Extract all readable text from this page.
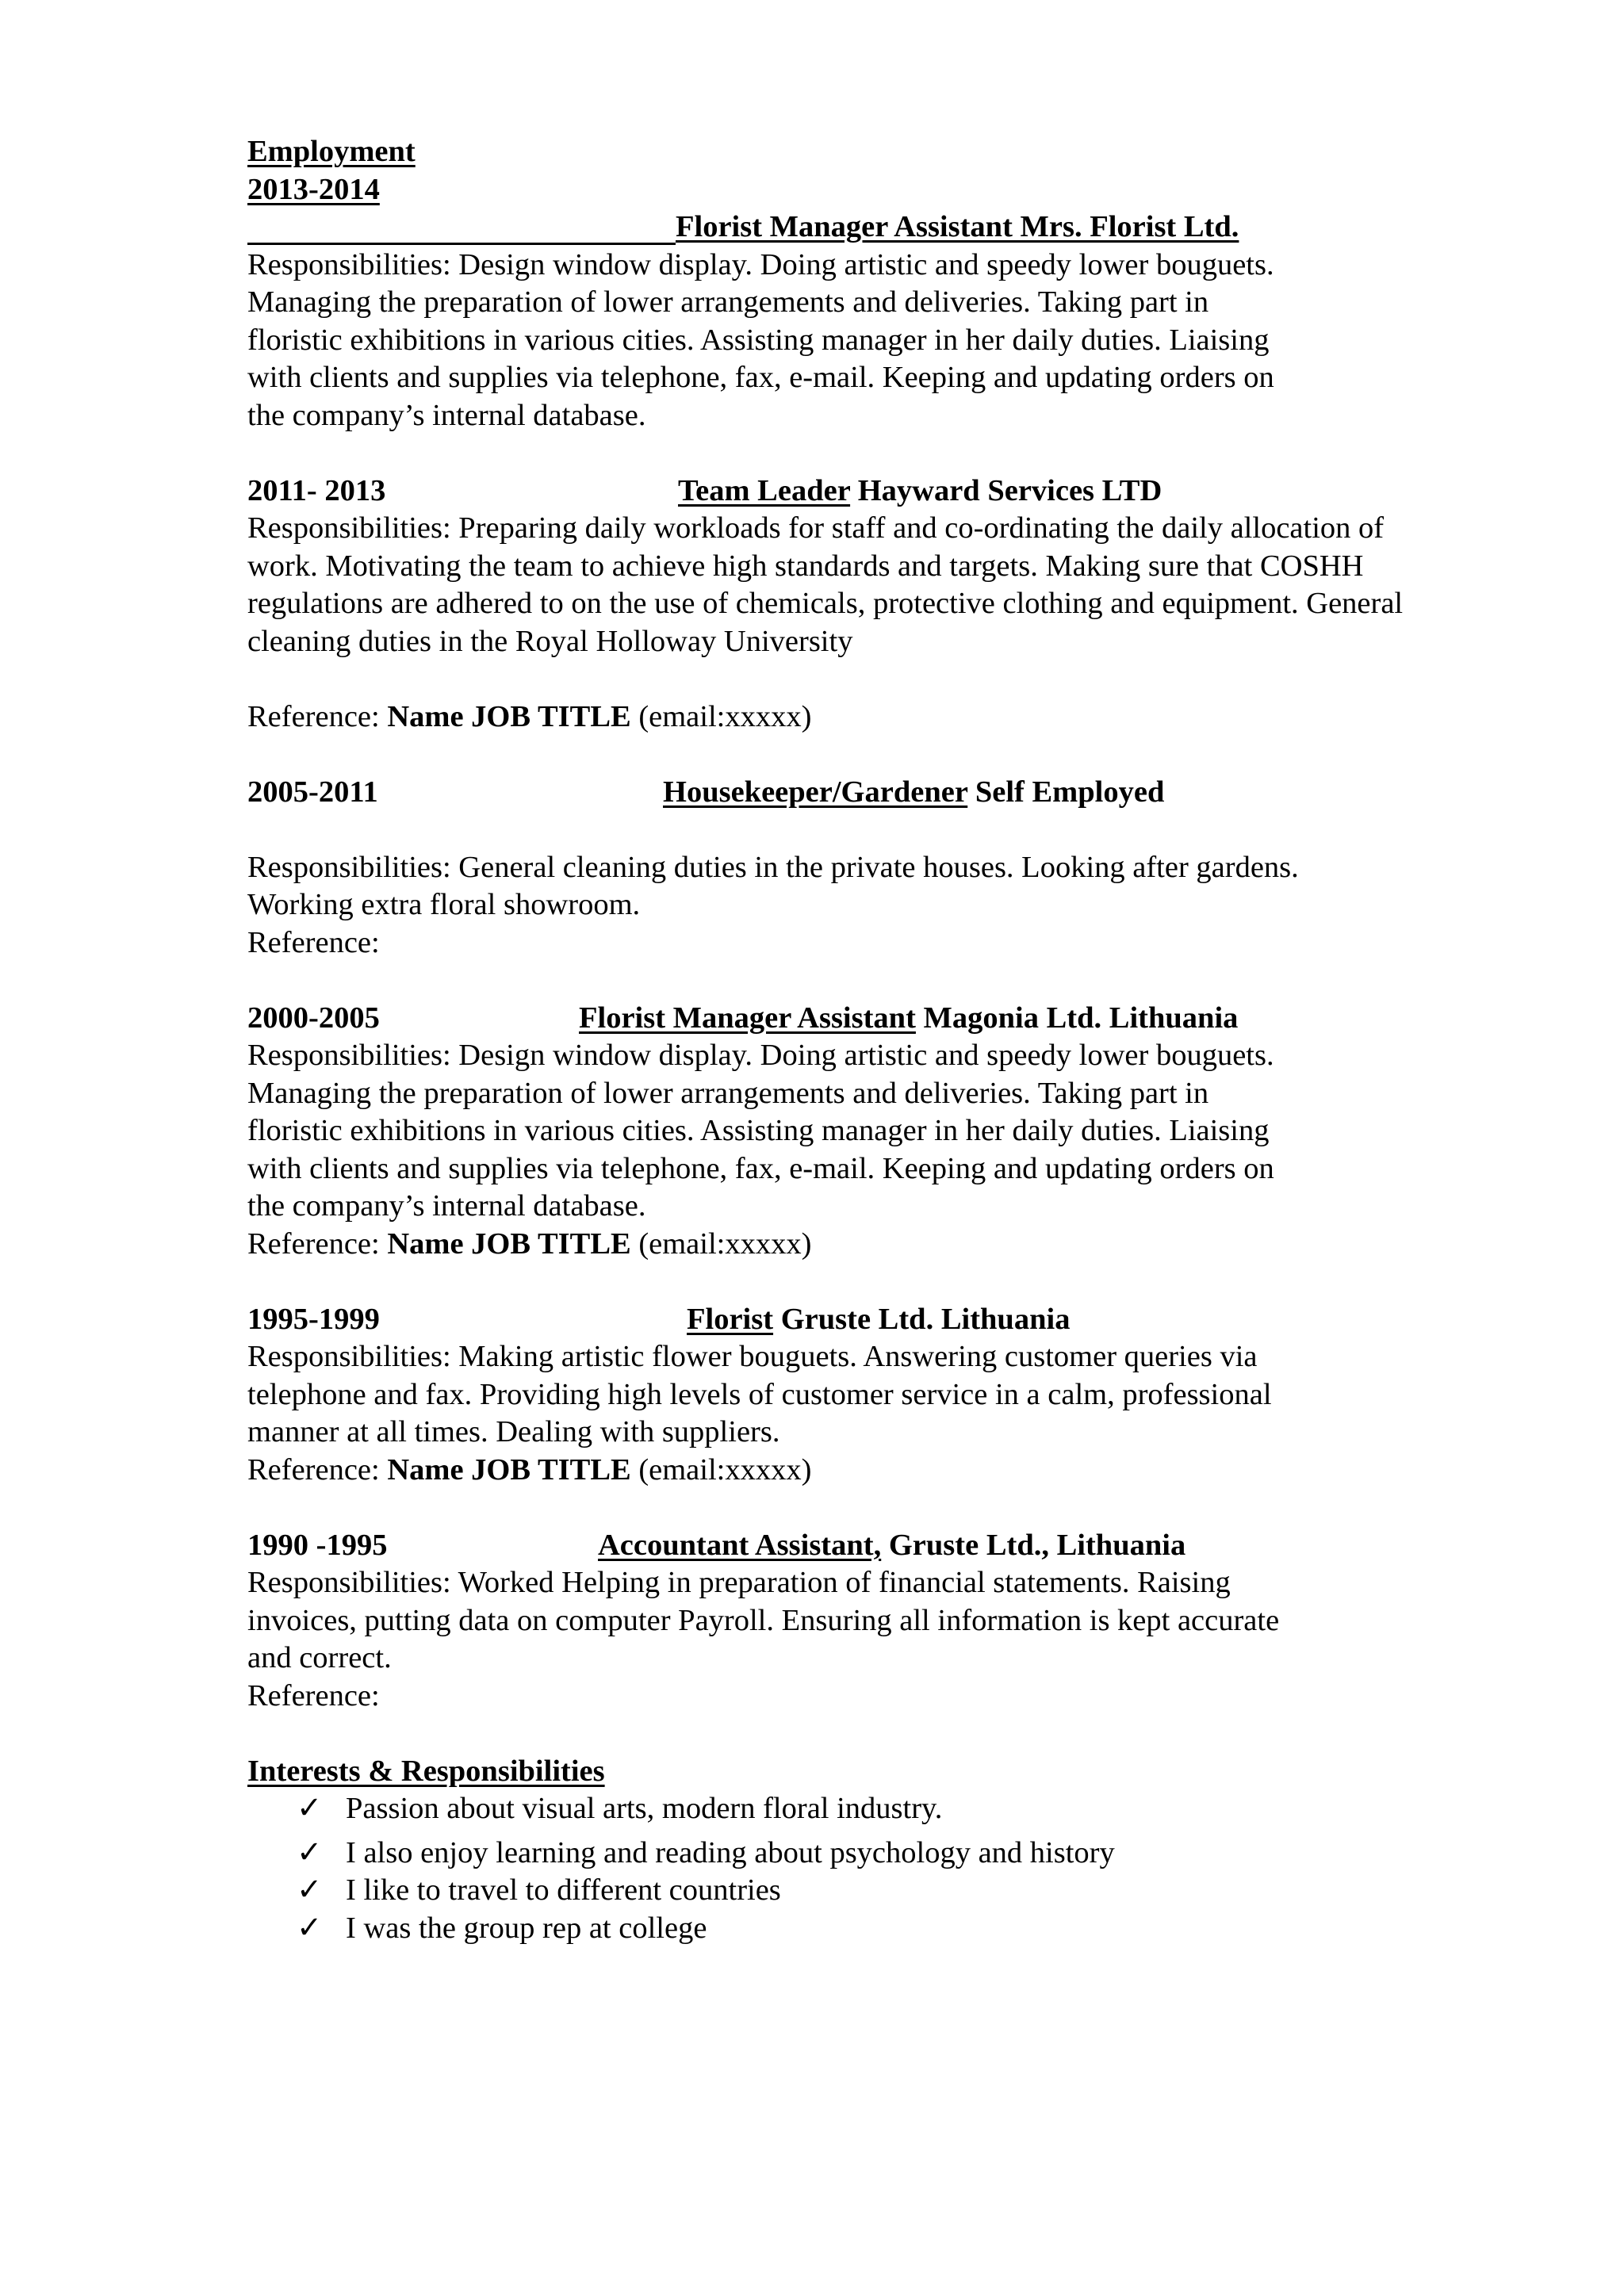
Employment
2013-2014
Florist Manager Assistant Mrs. Florist Ltd.
Responsibilities: Design window display. Doing artistic and speedy lower bouguets.
Managing the preparation of lower arrangements and deliveries. Taking part in
floristic exhibitions in various cities. Assisting manager in her daily duties. Liaising
with clients and supplies via telephone, fax, e-mail. Keeping and updating orders on
the company’s internal database.
2011- 2013	Team Leader Hayward Services LTD
Responsibilities: Preparing daily workloads for staff and co-ordinating the daily allocation of
work. Motivating the team to achieve high standards and targets. Making sure that COSHH
regulations are adhered to on the use of chemicals, protective clothing and equipment. General
cleaning duties in the Royal Holloway University
Reference: Name JOB TITLE (email:xxxxx)
2005-2011	Housekeeper/Gardener Self Employed
Responsibilities: General cleaning duties in the private houses. Looking after gardens.
Working extra floral showroom.
Reference:
2000-2005	Florist Manager Assistant Magonia Ltd. Lithuania
Responsibilities: Design window display. Doing artistic and speedy lower bouguets.
Managing the preparation of lower arrangements and deliveries. Taking part in
floristic exhibitions in various cities. Assisting manager in her daily duties. Liaising
with clients and supplies via telephone, fax, e-mail. Keeping and updating orders on
the company’s internal database.
Reference: Name JOB TITLE (email:xxxxx)
1995-1999	Florist Gruste Ltd. Lithuania
Responsibilities: Making artistic flower bouguets. Answering customer queries via
telephone and fax. Providing high levels of customer service in a calm, professional
manner at all times. Dealing with suppliers.
Reference: Name JOB TITLE (email:xxxxx)
1990 -1995	Accountant Assistant, Gruste Ltd., Lithuania
Responsibilities: Worked Helping in preparation of financial statements. Raising
invoices, putting data on computer Payroll. Ensuring all information is kept accurate
and correct.
Reference:
Interests & Responsibilities
✓ Passion about visual arts, modern floral industry.
✓ I also enjoy learning and reading about psychology and history
✓ I like to travel to different countries
✓ I was the group rep at college
